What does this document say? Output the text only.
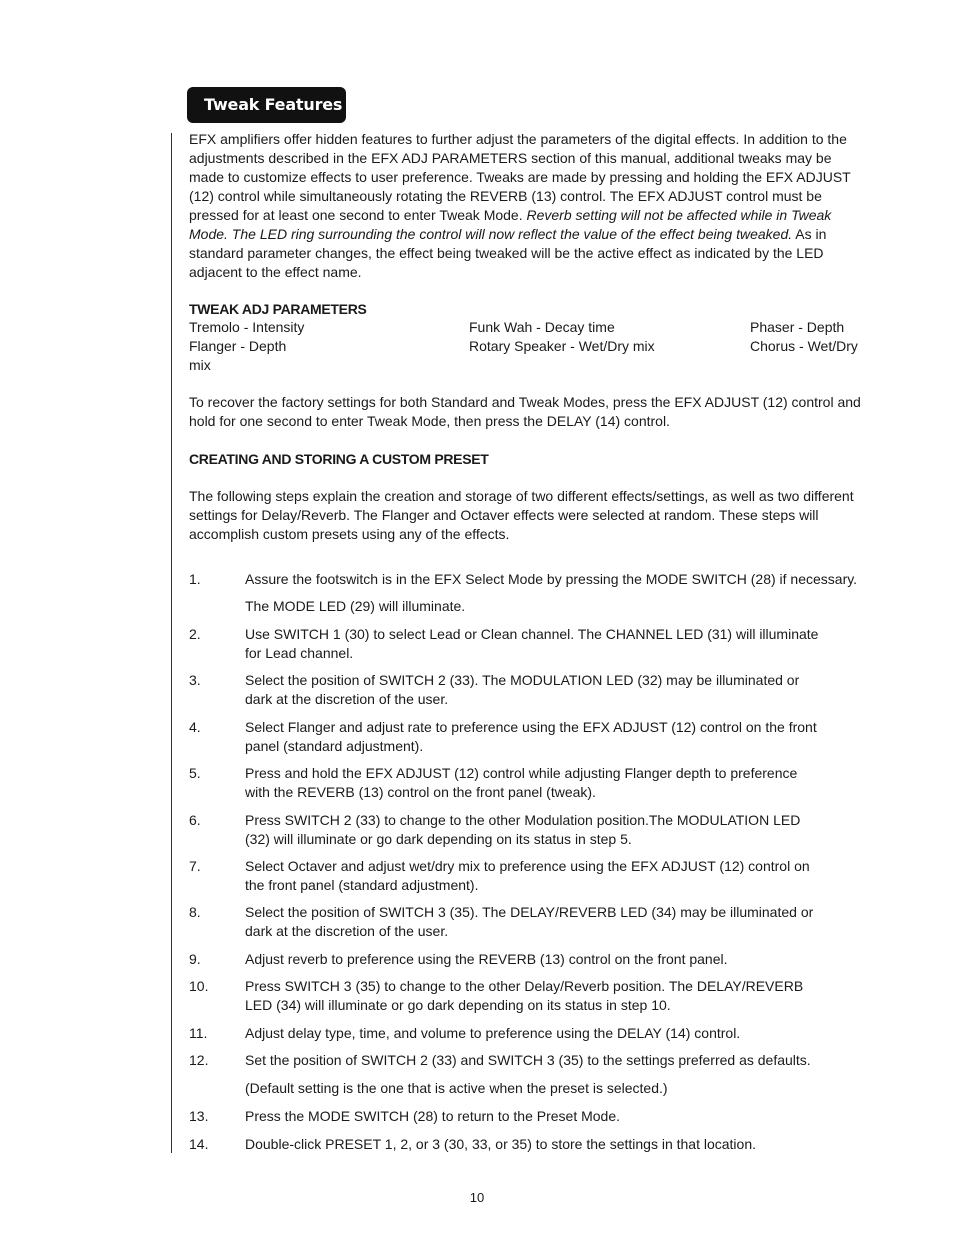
Tweak Features
EFX amplifiers offer hidden features to further adjust the parameters of the digital effects. In addition to the adjustments described in the EFX ADJ PARAMETERS section of this manual, additional tweaks may be made to customize effects to user preference. Tweaks are made by pressing and holding the EFX ADJUST (12) control while simultaneously rotating the REVERB (13) control. The EFX ADJUST control must be pressed for at least one second to enter Tweak Mode. Reverb setting will not be affected while in Tweak Mode. The LED ring surrounding the control will now reflect the value of the effect being tweaked. As in standard parameter changes, the effect being tweaked will be the active effect as indicated by the LED adjacent to the effect name.
TWEAK ADJ PARAMETERS
Tremolo - Intensity	Funk Wah - Decay time	Phaser - Depth
Flanger - Depth	Rotary Speaker - Wet/Dry mix	Chorus - Wet/Dry
mix
To recover the factory settings for both Standard and Tweak Modes, press the EFX ADJUST (12) control and hold for one second to enter Tweak Mode, then press the DELAY (14) control.
CREATING AND STORING A CUSTOM PRESET
The following steps explain the creation and storage of two different effects/settings, as well as two different settings for Delay/Reverb. The Flanger and Octaver effects were selected at random. These steps will accomplish custom presets using any of the effects.
1.	Assure the footswitch is in the EFX Select Mode by pressing the MODE SWITCH (28) if necessary.
The MODE LED (29) will illuminate.
2.	Use SWITCH 1 (30) to select Lead or Clean channel. The CHANNEL LED (31) will illuminate
for Lead channel.
3.	Select the position of SWITCH 2 (33). The MODULATION LED (32) may be illuminated or
dark at the discretion of the user.
4.	Select Flanger and adjust rate to preference using the EFX ADJUST (12) control on the front
panel (standard adjustment).
5.	Press and hold the EFX ADJUST (12) control while adjusting Flanger depth to preference
with the REVERB (13) control on the front panel (tweak).
6.	Press SWITCH 2 (33) to change to the other Modulation position.The MODULATION LED
(32) will illuminate or go dark depending on its status in step 5.
7.	Select Octaver and adjust wet/dry mix to preference using the EFX ADJUST (12) control on
the front panel (standard adjustment).
8.	Select the position of SWITCH 3 (35). The DELAY/REVERB LED (34) may be illuminated or
dark at the discretion of the user.
9.	Adjust reverb to preference using the REVERB (13) control on the front panel.
10.	Press SWITCH 3 (35) to change to the other Delay/Reverb position. The DELAY/REVERB
LED (34) will illuminate or go dark depending on its status in step 10.
11.	Adjust delay type, time, and volume to preference using the DELAY (14) control.
12.	Set the position of SWITCH 2 (33) and SWITCH 3 (35) to the settings preferred as defaults.
(Default setting is the one that is active when the preset is selected.)
13.	Press the MODE SWITCH (28) to return to the Preset Mode.
14.	Double-click PRESET 1, 2, or 3 (30, 33, or 35) to store the settings in that location.
10
